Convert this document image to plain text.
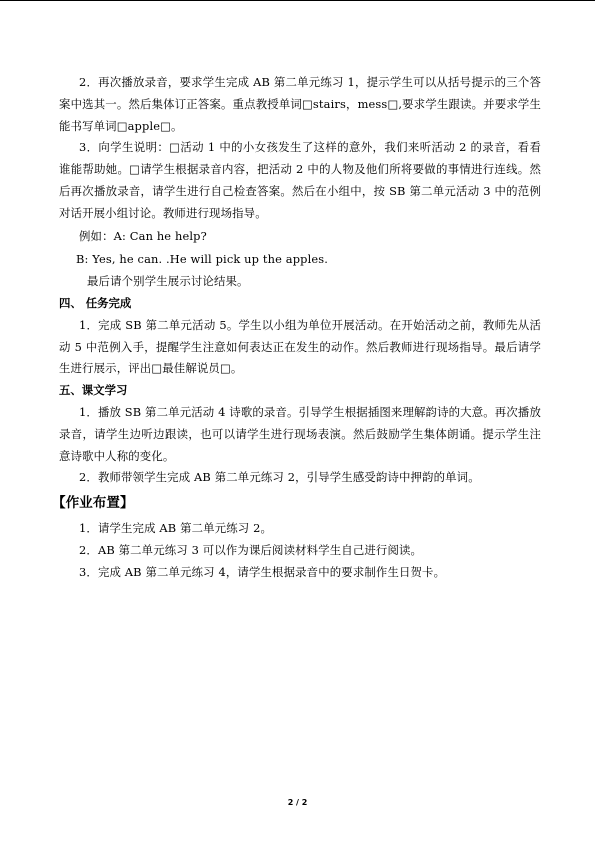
2．再次播放录音，要求学生完成 AB 第二单元练习 1，提示学生可以从括号提示的三个答案中选其一。然后集体订正答案。重点教授单词□stairs，mess□,要求学生跟读。并要求学生能书写单词□apple□。

3．向学生说明：□活动 1 中的小女孩发生了这样的意外，我们来听活动 2 的录音，看看谁能帮助她。□请学生根据录音内容，把活动 2 中的人物及他们所将要做的事情进行连线。然后再次播放录音，请学生进行自己检查答案。然后在小组中，按 SB 第二单元活动 3 中的范例对话开展小组讨论。教师进行现场指导。

例如：A: Can he help?

B: Yes, he can. .He will pick up the apples.

最后请个别学生展示讨论结果。

四、 任务完成

1．完成 SB 第二单元活动 5。学生以小组为单位开展活动。在开始活动之前，教师先从活动 5 中范例入手，提醒学生注意如何表达正在发生的动作。然后教师进行现场指导。最后请学生进行展示，评出□最佳解说员□。

五、课文学习

1．播放 SB 第二单元活动 4 诗歌的录音。引导学生根据插图来理解韵诗的大意。再次播放录音，请学生边听边跟读，也可以请学生进行现场表演。然后鼓励学生集体朗诵。提示学生注意诗歌中人称的变化。

2．教师带领学生完成 AB 第二单元练习 2，引导学生感受韵诗中押韵的单词。

【作业布置】

1．请学生完成 AB 第二单元练习 2。

2．AB 第二单元练习 3 可以作为课后阅读材料学生自己进行阅读。

3．完成 AB 第二单元练习 4，请学生根据录音中的要求制作生日贺卡。

2 / 2
